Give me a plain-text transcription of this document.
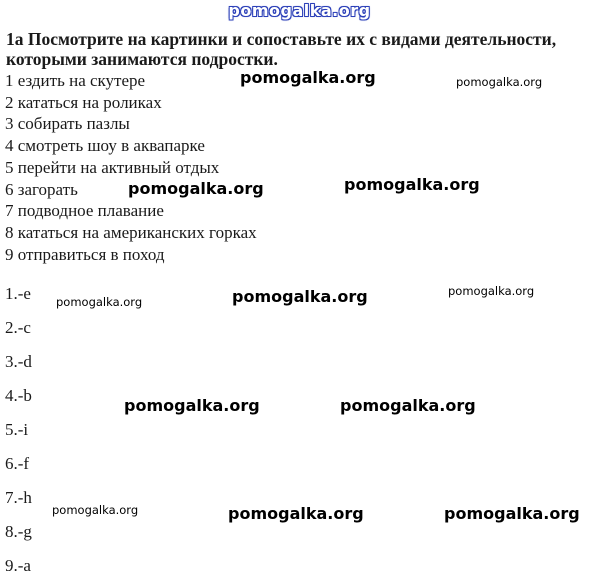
pomogalka.org

1a Посмотрите на картинки и сопоставьте их с видами деятельности, которыми занимаются подростки.

1 ездить на скутере
2 кататься на роликах
3 собирать пазлы
4 смотреть шоу в аквапарке
5 перейти на активный отдых
6 загорать
7 подводное плавание
8 кататься на американских горках
9 отправиться в поход
1.-e
2.-c
3.-d
4.-b
5.-i
6.-f
7.-h
8.-g
9.-a
pomogalka.org	pomogalka.org
pomogalka.org	pomogalka.org
pomogalka.org	pomogalka.org	pomogalka.org
pomogalka.org	pomogalka.org
pomogalka.org	pomogalka.org	pomogalka.org
